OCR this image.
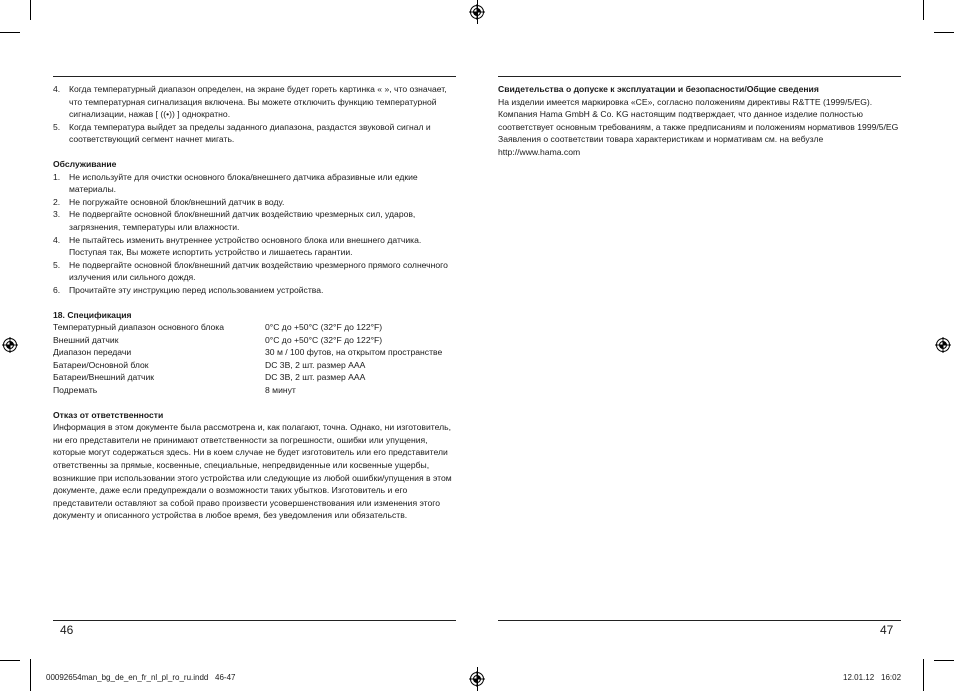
4. Когда температурный диапазон определен, на экране будет гореть картинка « », что означает, что температурная сигнализация включена. Вы можете отключить функцию температурной сигнализации, нажав [ ((•)) ] однократно.
5. Когда температура выйдет за пределы заданного диапазона, раздастся звуковой сигнал и соответствующий сегмент начнет мигать.
Обслуживание
1. Не используйте для очистки основного блока/внешнего датчика абразивные или едкие материалы.
2. Не погружайте основной блок/внешний датчик в воду.
3. Не подвергайте основной блок/внешний датчик воздействию чрезмерных сил, ударов, загрязнения, температуры или влажности.
4. Не пытайтесь изменить внутреннее устройство основного блока или внешнего датчика. Поступая так, Вы можете испортить устройство и лишаетесь гарантии.
5. Не подвергайте основной блок/внешний датчик воздействию чрезмерного прямого солнечного излучения или сильного дождя.
6. Прочитайте эту инструкцию перед использованием устройства.
18. Спецификация
Температурный диапазон основного блока	0°C до +50°C (32°F до 122°F)
Внешний датчик	0°C до +50°C (32°F до 122°F)
Диапазон передачи	30 м / 100 футов, на открытом пространстве
Батареи/Основной блок	DC 3В, 2 шт. размер AAA
Батареи/Внешний датчик	DC 3В, 2 шт. размер AAA
Подремать	8 минут
Отказ от ответственности
Информация в этом документе была рассмотрена и, как полагают, точна. Однако, ни изготовитель, ни его представители не принимают ответственности за погрешности, ошибки или упущения, которые могут содержаться здесь. Ни в коем случае не будет изготовитель или его представители ответственны за прямые, косвенные, специальные, непредвиденные или косвенные ущербы, возникшие при использовании этого устройства или следующие из любой ошибки/упущения в этом документе, даже если предупреждали о возможности таких убытков. Изготовитель и его представители оставляют за собой право произвести усовершенствования или изменения этого документу и описанного устройства в любое время, без уведомления или обязательств.
Свидетельства о допуске к эксплуатации и безопасности/Общие сведения
На изделии имеется маркировка «CE», согласно положениям директивы R&TTE (1999/5/EG). Компания Hama GmbH & Co. KG настоящим подтверждает, что данное изделие полностью соответствует основным требованиям, а также предписаниям и положениям нормативов 1999/5/EG Заявления о соответствии товара характеристикам и нормативам см. на вебузле http://www.hama.com
46	47
00092654man_bg_de_en_fr_nl_pl_ro_ru.indd   46-47	12.01.12 16:02
